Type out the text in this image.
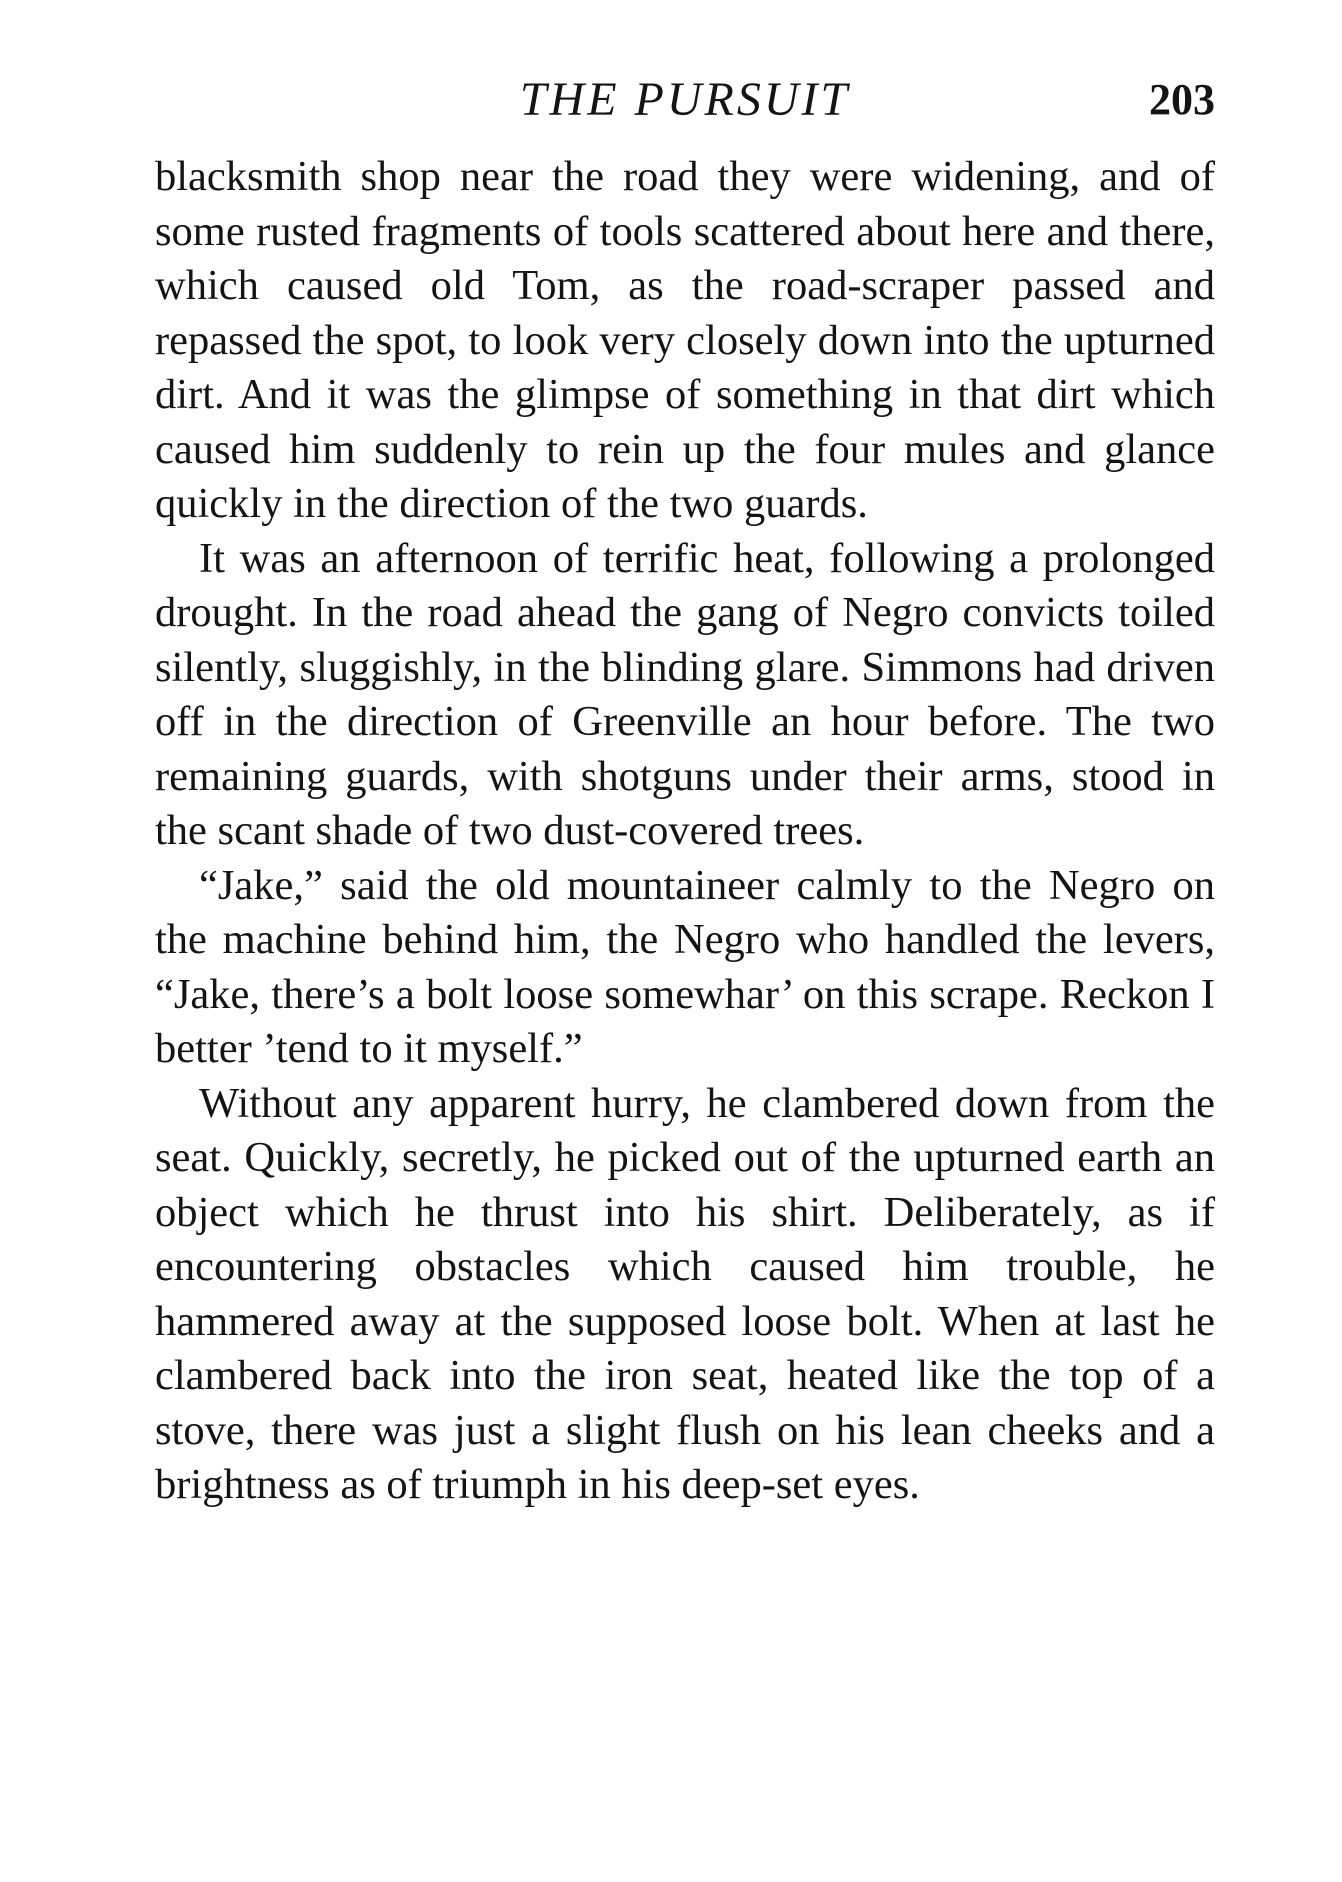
THE PURSUIT	203

blacksmith shop near the road they were widening, and of some rusted fragments of tools scattered about here and there, which caused old Tom, as the road-scraper passed and repassed the spot, to look very closely down into the upturned dirt. And it was the glimpse of something in that dirt which caused him suddenly to rein up the four mules and glance quickly in the direction of the two guards.

It was an afternoon of terrific heat, following a prolonged drought. In the road ahead the gang of Negro convicts toiled silently, sluggishly, in the blinding glare. Simmons had driven off in the direction of Greenville an hour before. The two remaining guards, with shotguns under their arms, stood in the scant shade of two dust-covered trees.

“Jake,” said the old mountaineer calmly to the Negro on the machine behind him, the Negro who handled the levers, “Jake, there’s a bolt loose somewhar’ on this scrape. Reckon I better ’tend to it myself.”

Without any apparent hurry, he clambered down from the seat. Quickly, secretly, he picked out of the upturned earth an object which he thrust into his shirt. Deliberately, as if encountering obstacles which caused him trouble, he hammered away at the supposed loose bolt. When at last he clambered back into the iron seat, heated like the top of a stove, there was just a slight flush on his lean cheeks and a brightness as of triumph in his deep-set eyes.
